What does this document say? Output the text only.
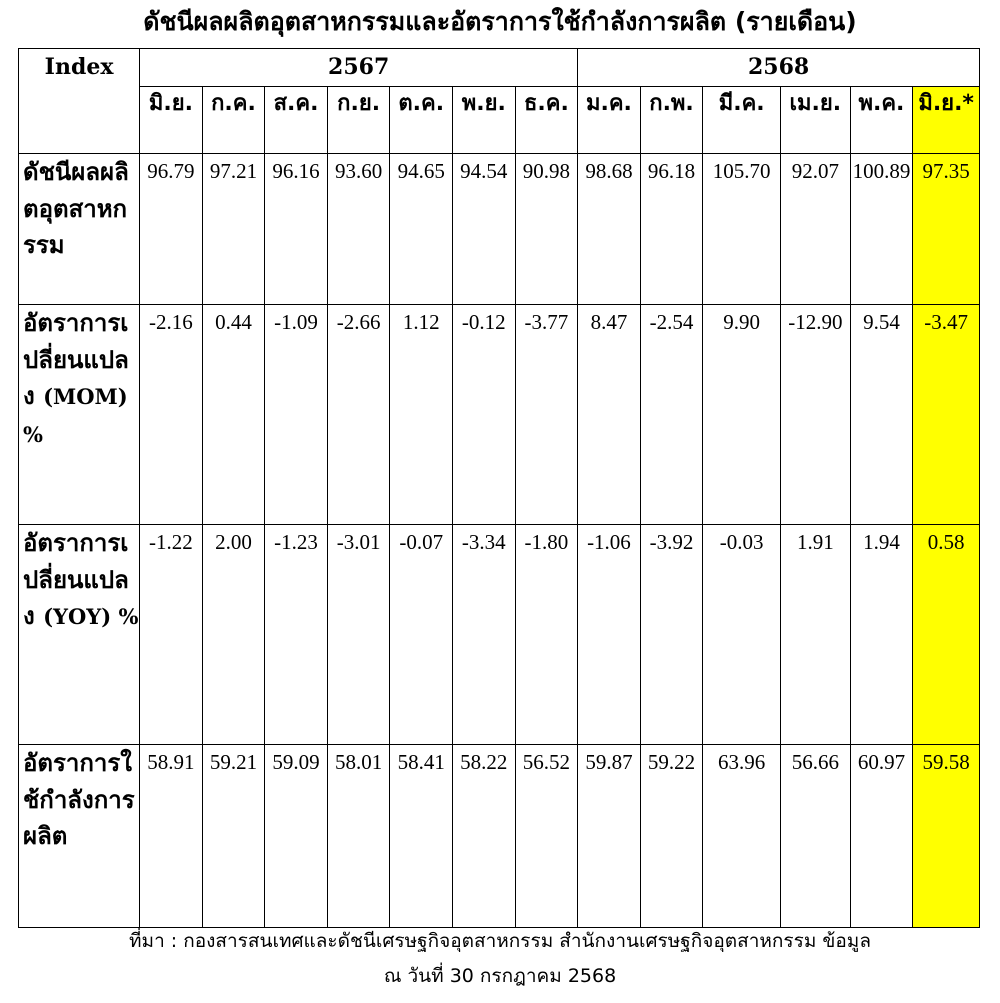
ดัชนีผลผลิตอุตสาหกรรมและอัตราการใช้กำลังการผลิต (รายเดือน)
Index	2567							2568					
	มิ.ย.	ก.ค.	ส.ค.	ก.ย.	ต.ค.	พ.ย.	ธ.ค.	ม.ค.	ก.พ.	มี.ค.	เม.ย.	พ.ค.	มิ.ย.*
ดัชนีผลผลิตอุตสาหกรรม	96.79	97.21	96.16	93.60	94.65	94.54	90.98	98.68	96.18	105.70	92.07	100.89	97.35
อัตราการเปลี่ยนแปลง (MOM) %	-2.16	0.44	-1.09	-2.66	1.12	-0.12	-3.77	8.47	-2.54	9.90	-12.90	9.54	-3.47
อัตราการเปลี่ยนแปลง (YOY) %	-1.22	2.00	-1.23	-3.01	-0.07	-3.34	-1.80	-1.06	-3.92	-0.03	1.91	1.94	0.58
อัตราการใช้กำลังการผลิต	58.91	59.21	59.09	58.01	58.41	58.22	56.52	59.87	59.22	63.96	56.66	60.97	59.58
ที่มา : กองสารสนเทศและดัชนีเศรษฐกิจอุตสาหกรรม สำนักงานเศรษฐกิจอุตสาหกรรม ข้อมูล
ณ วันที่ 30 กรกฎาคม 2568
